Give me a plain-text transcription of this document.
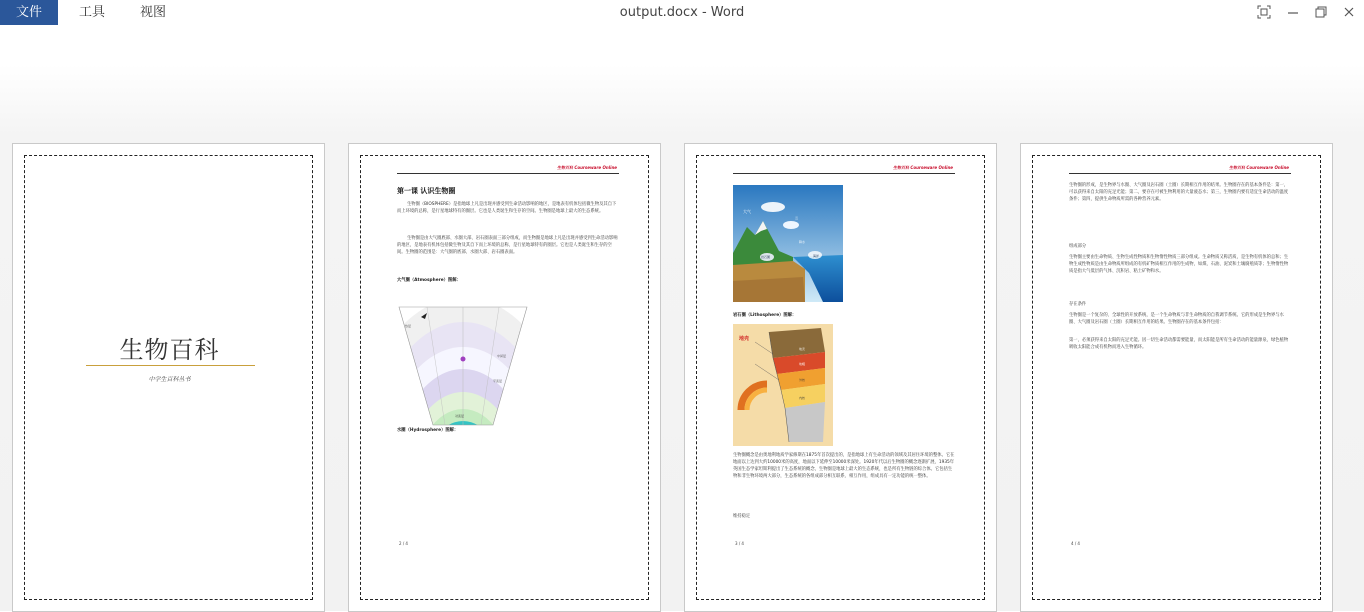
文件	工具	视图	output.docx - Word
生物百科
中学生百科丛书
生物百科 Courseware Online
第一课 认识生物圈
生物圈（BIOSPHERE）是指地球上凡是出现并感受到生命活动影响的地区，是地表有机体包括微生物及其自下而上环境的总称，是行星地球特有的圈层。它也是人类诞生和生存的空间。生物圈是地球上最大的生态系统。
生物圈是由大气圈底部、水圈大部、岩石圈表面三部分组成，而生物圈是地球上凡是出现并感受到生命活动影响的地区，是地表有机体包括微生物及其自下而上环境的总称，是行星地球特有的圈层。它也是人类诞生和生存的空间。生物圈的范围是：大气圈的底部、水圈大部、岩石圈表面。
大气圈（Atmosphere）图解：
热层
中间层
平流层
对流层
水圈（Hydrosphere）图解：
2 / 4
生物百科 Courseware Online
大气
云
降水
岩石圈	海洋
岩石圈（Lithosphere）图解：
地壳
地壳
地幔
外核
内核
生物圈概念是由奥地利地质学家修斯在1875年首次提出的，是指地球上有生命活动的领域及其居住环境的整体。它在地面以上达到大约10000米的高度，地面以下延伸至10000米深处。1920年代以后生物圈的概念逐渐扩展，1935年英国生态学家坦斯利提出了生态系统的概念，生物圈是地球上最大的生态系统，也是所有生物链的综合体。它包括生物和非生物环境两大部分，生态系统的各组成部分相互联系、相互作用，组成具有一定功能的统一整体。
维持稳定
3 / 4
生物百科 Courseware Online
生物圈的形成，是生物界与水圈、大气圈及岩石圈（土圈）长期相互作用的结果。生物圈存在的基本条件是：第一，可以获得来自太阳的充足光能；第二，要存在可被生物利用的大量液态水；第三，生物圈内要有适宜生命活动的温度条件；第四，提供生命物质所需的各种营养元素。
组成部分
生物圈主要由生命物质、生物生成性物质和生物惰性物质三部分组成。生命物质又称活质，是生物有机体的总和；生物生成性物质是由生命物质所组成的有机矿物质相互作用的生成物，如煤、石油、泥炭和土壤腐殖质等；生物惰性物质是指大气低层的气体、沉积岩、粘土矿物和水。
存在条件
生物圈是一个复杂的、全球性的开放系统，是一个生命物质与非生命物质的自我调节系统。它的形成是生物界与水圈、大气圈及岩石圈（土圈）长期相互作用的结果。生物圈存在的基本条件包括：
第一，必须获得来自太阳的充足光能。因一切生命活动都需要能量，而太阳能是所有生命活动的能量源泉，绿色植物吸收太阳能合成有机物而进入生物循环。
4 / 4
